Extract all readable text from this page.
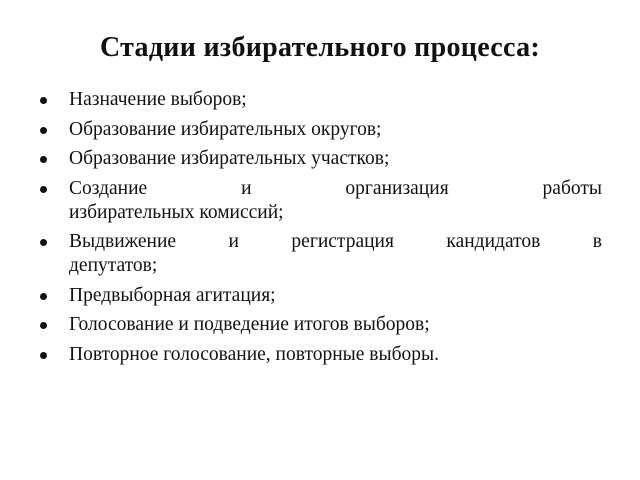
Стадии избирательного процесса:
Назначение выборов;
Образование избирательных округов;
Образование избирательных участков;
Создание и организация работы
избирательных комиссий;
Выдвижение и регистрация кандидатов в
депутатов;
Предвыборная агитация;
Голосование и подведение итогов выборов;
Повторное голосование, повторные выборы.
